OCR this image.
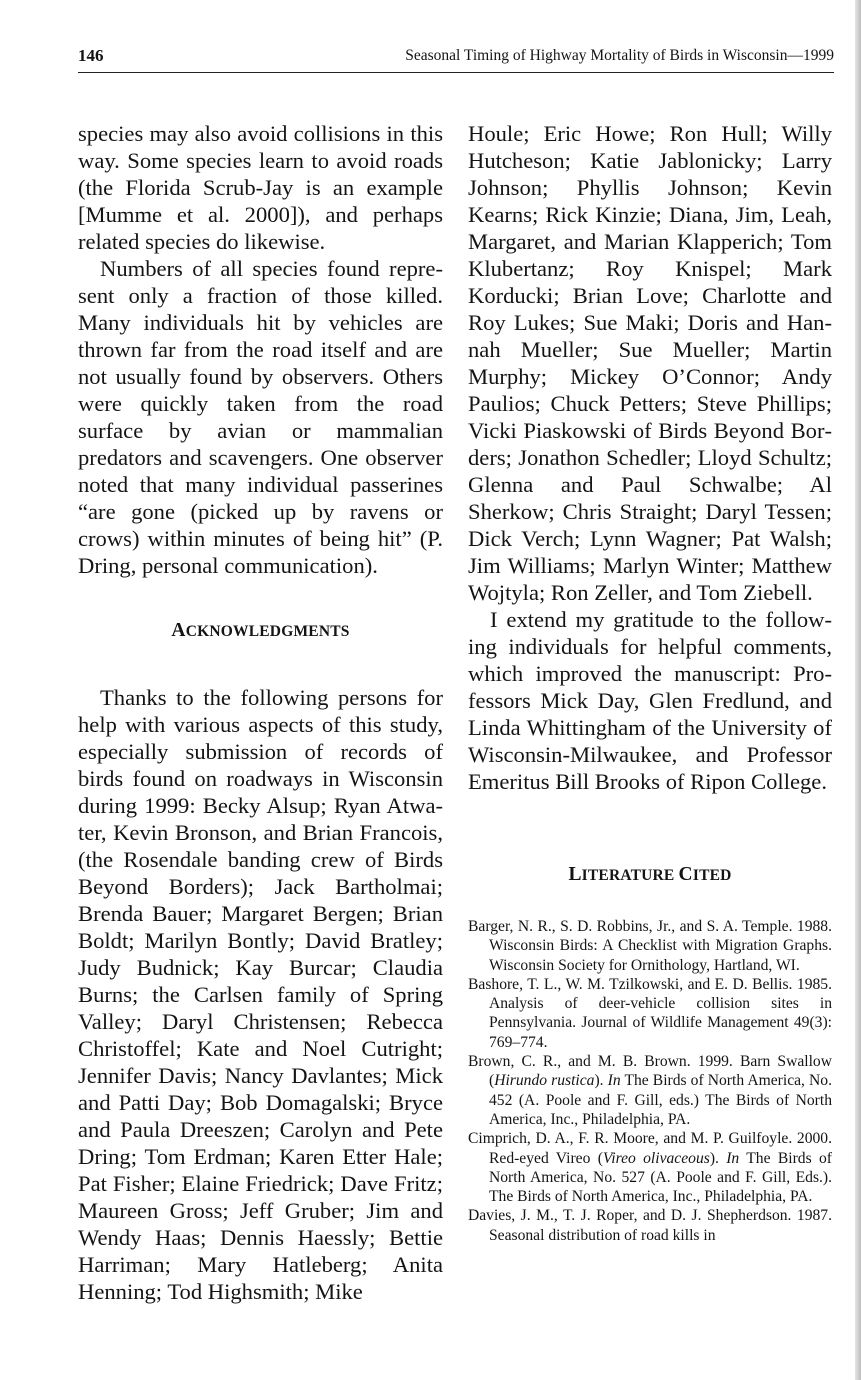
146	Seasonal Timing of Highway Mortality of Birds in Wisconsin—1999

species may also avoid collisions in this way. Some species learn to avoid roads (the Florida Scrub-Jay is an example [Mumme et al. 2000]), and perhaps related species do likewise.

Numbers of all species found represent only a fraction of those killed. Many individuals hit by vehicles are thrown far from the road itself and are not usually found by observers. Others were quickly taken from the road surface by avian or mammalian predators and scavengers. One observer noted that many individual passerines “are gone (picked up by ravens or crows) within minutes of being hit” (P. Dring, personal communication).

ACKNOWLEDGMENTS

Thanks to the following persons for help with various aspects of this study, especially submission of records of birds found on roadways in Wisconsin during 1999: Becky Alsup; Ryan Atwater, Kevin Bronson, and Brian Francois, (the Rosendale banding crew of Birds Beyond Borders); Jack Bartholmai; Brenda Bauer; Margaret Bergen; Brian Boldt; Marilyn Bontly; David Bratley; Judy Budnick; Kay Burcar; Claudia Burns; the Carlsen family of Spring Valley; Daryl Christensen; Rebecca Christoffel; Kate and Noel Cutright; Jennifer Davis; Nancy Davlantes; Mick and Patti Day; Bob Domagalski; Bryce and Paula Dreeszen; Carolyn and Pete Dring; Tom Erdman; Karen Etter Hale; Pat Fisher; Elaine Friedrick; Dave Fritz; Maureen Gross; Jeff Gruber; Jim and Wendy Haas; Dennis Haessly; Bettie Harriman; Mary Hatleberg; Anita Henning; Tod Highsmith; Mike

Houle; Eric Howe; Ron Hull; Willy Hutcheson; Katie Jablonicky; Larry Johnson; Phyllis Johnson; Kevin Kearns; Rick Kinzie; Diana, Jim, Leah, Margaret, and Marian Klapperich; Tom Klubertanz; Roy Knispel; Mark Korducki; Brian Love; Charlotte and Roy Lukes; Sue Maki; Doris and Hannah Mueller; Sue Mueller; Martin Murphy; Mickey O’Connor; Andy Paulios; Chuck Petters; Steve Phillips; Vicki Piaskowski of Birds Beyond Borders; Jonathon Schedler; Lloyd Schultz; Glenna and Paul Schwalbe; Al Sherkow; Chris Straight; Daryl Tessen; Dick Verch; Lynn Wagner; Pat Walsh; Jim Williams; Marlyn Winter; Matthew Wojtyla; Ron Zeller, and Tom Ziebell.

I extend my gratitude to the following individuals for helpful comments, which improved the manuscript: Professors Mick Day, Glen Fredlund, and Linda Whittingham of the University of Wisconsin-Milwaukee, and Professor Emeritus Bill Brooks of Ripon College.

LITERATURE CITED

Barger, N. R., S. D. Robbins, Jr., and S. A. Temple. 1988. Wisconsin Birds: A Checklist with Migration Graphs. Wisconsin Society for Ornithology, Hartland, WI.

Bashore, T. L., W. M. Tzilkowski, and E. D. Bellis. 1985. Analysis of deer-vehicle collision sites in Pennsylvania. Journal of Wildlife Management 49(3): 769–774.

Brown, C. R., and M. B. Brown. 1999. Barn Swallow (Hirundo rustica). In The Birds of North America, No. 452 (A. Poole and F. Gill, eds.) The Birds of North America, Inc., Philadelphia, PA.

Cimprich, D. A., F. R. Moore, and M. P. Guilfoyle. 2000. Red-eyed Vireo (Vireo olivaceous). In The Birds of North America, No. 527 (A. Poole and F. Gill, Eds.). The Birds of North America, Inc., Philadelphia, PA.

Davies, J. M., T. J. Roper, and D. J. Shepherdson. 1987. Seasonal distribution of road kills in
